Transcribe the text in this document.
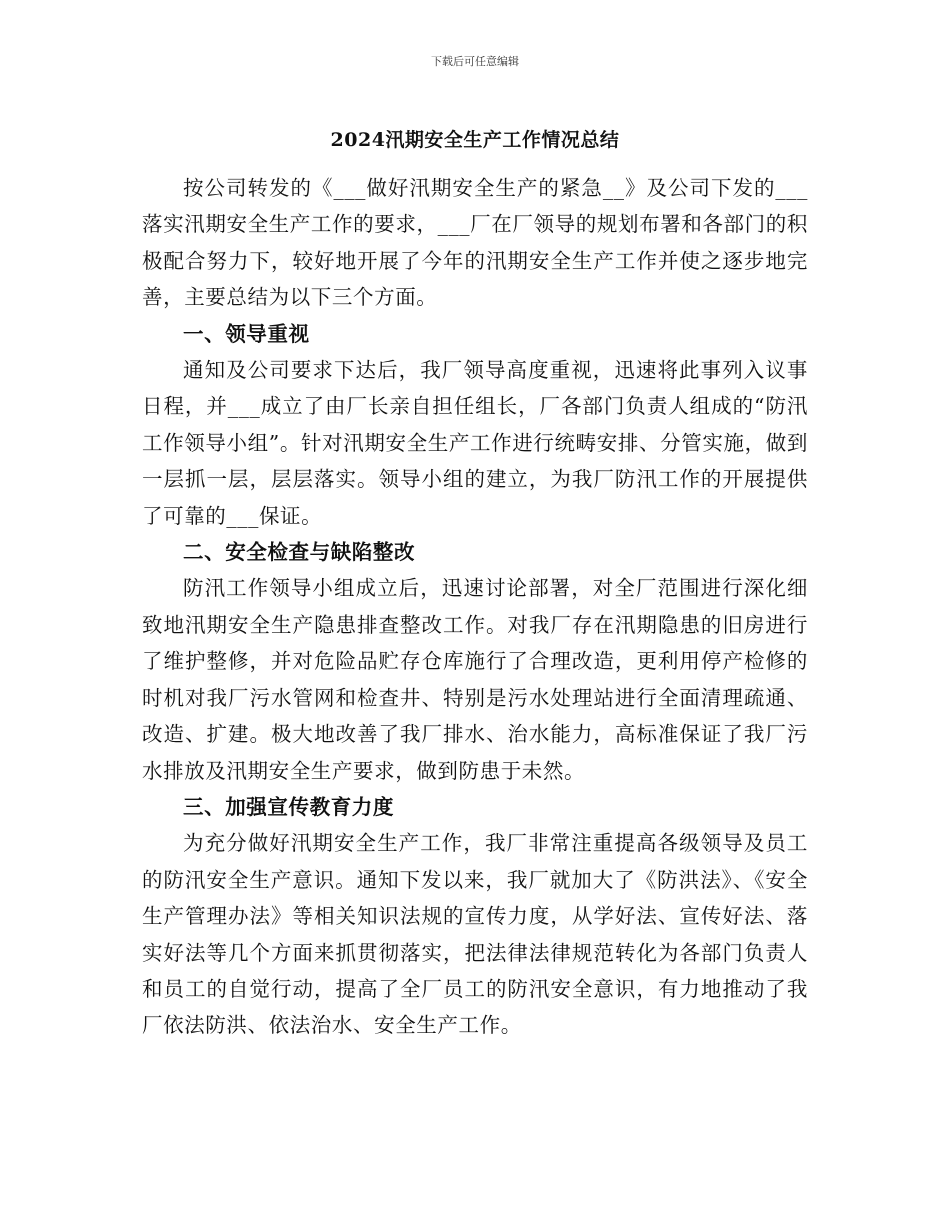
下载后可任意编辑
2024汛期安全生产工作情况总结

按公司转发的《___做好汛期安全生产的紧急__》及公司下发的___落实汛期安全生产工作的要求，___厂在厂领导的规划布署和各部门的积极配合努力下，较好地开展了今年的汛期安全生产工作并使之逐步地完善，主要总结为以下三个方面。

一、领导重视

通知及公司要求下达后，我厂领导高度重视，迅速将此事列入议事日程，并___成立了由厂长亲自担任组长，厂各部门负责人组成的“防汛工作领导小组”。针对汛期安全生产工作进行统畴安排、分管实施，做到一层抓一层，层层落实。领导小组的建立，为我厂防汛工作的开展提供了可靠的___保证。

二、安全检查与缺陷整改

防汛工作领导小组成立后，迅速讨论部署，对全厂范围进行深化细致地汛期安全生产隐患排查整改工作。对我厂存在汛期隐患的旧房进行了维护整修，并对危险品贮存仓库施行了合理改造，更利用停产检修的时机对我厂污水管网和检查井、特别是污水处理站进行全面清理疏通、改造、扩建。极大地改善了我厂排水、治水能力，高标准保证了我厂污水排放及汛期安全生产要求，做到防患于未然。

三、加强宣传教育力度

为充分做好汛期安全生产工作，我厂非常注重提高各级领导及员工的防汛安全生产意识。通知下发以来，我厂就加大了《防洪法》、《安全生产管理办法》等相关知识法规的宣传力度，从学好法、宣传好法、落实好法等几个方面来抓贯彻落实，把法律法律规范转化为各部门负责人和员工的自觉行动，提高了全厂员工的防汛安全意识，有力地推动了我厂依法防洪、依法治水、安全生产工作。
